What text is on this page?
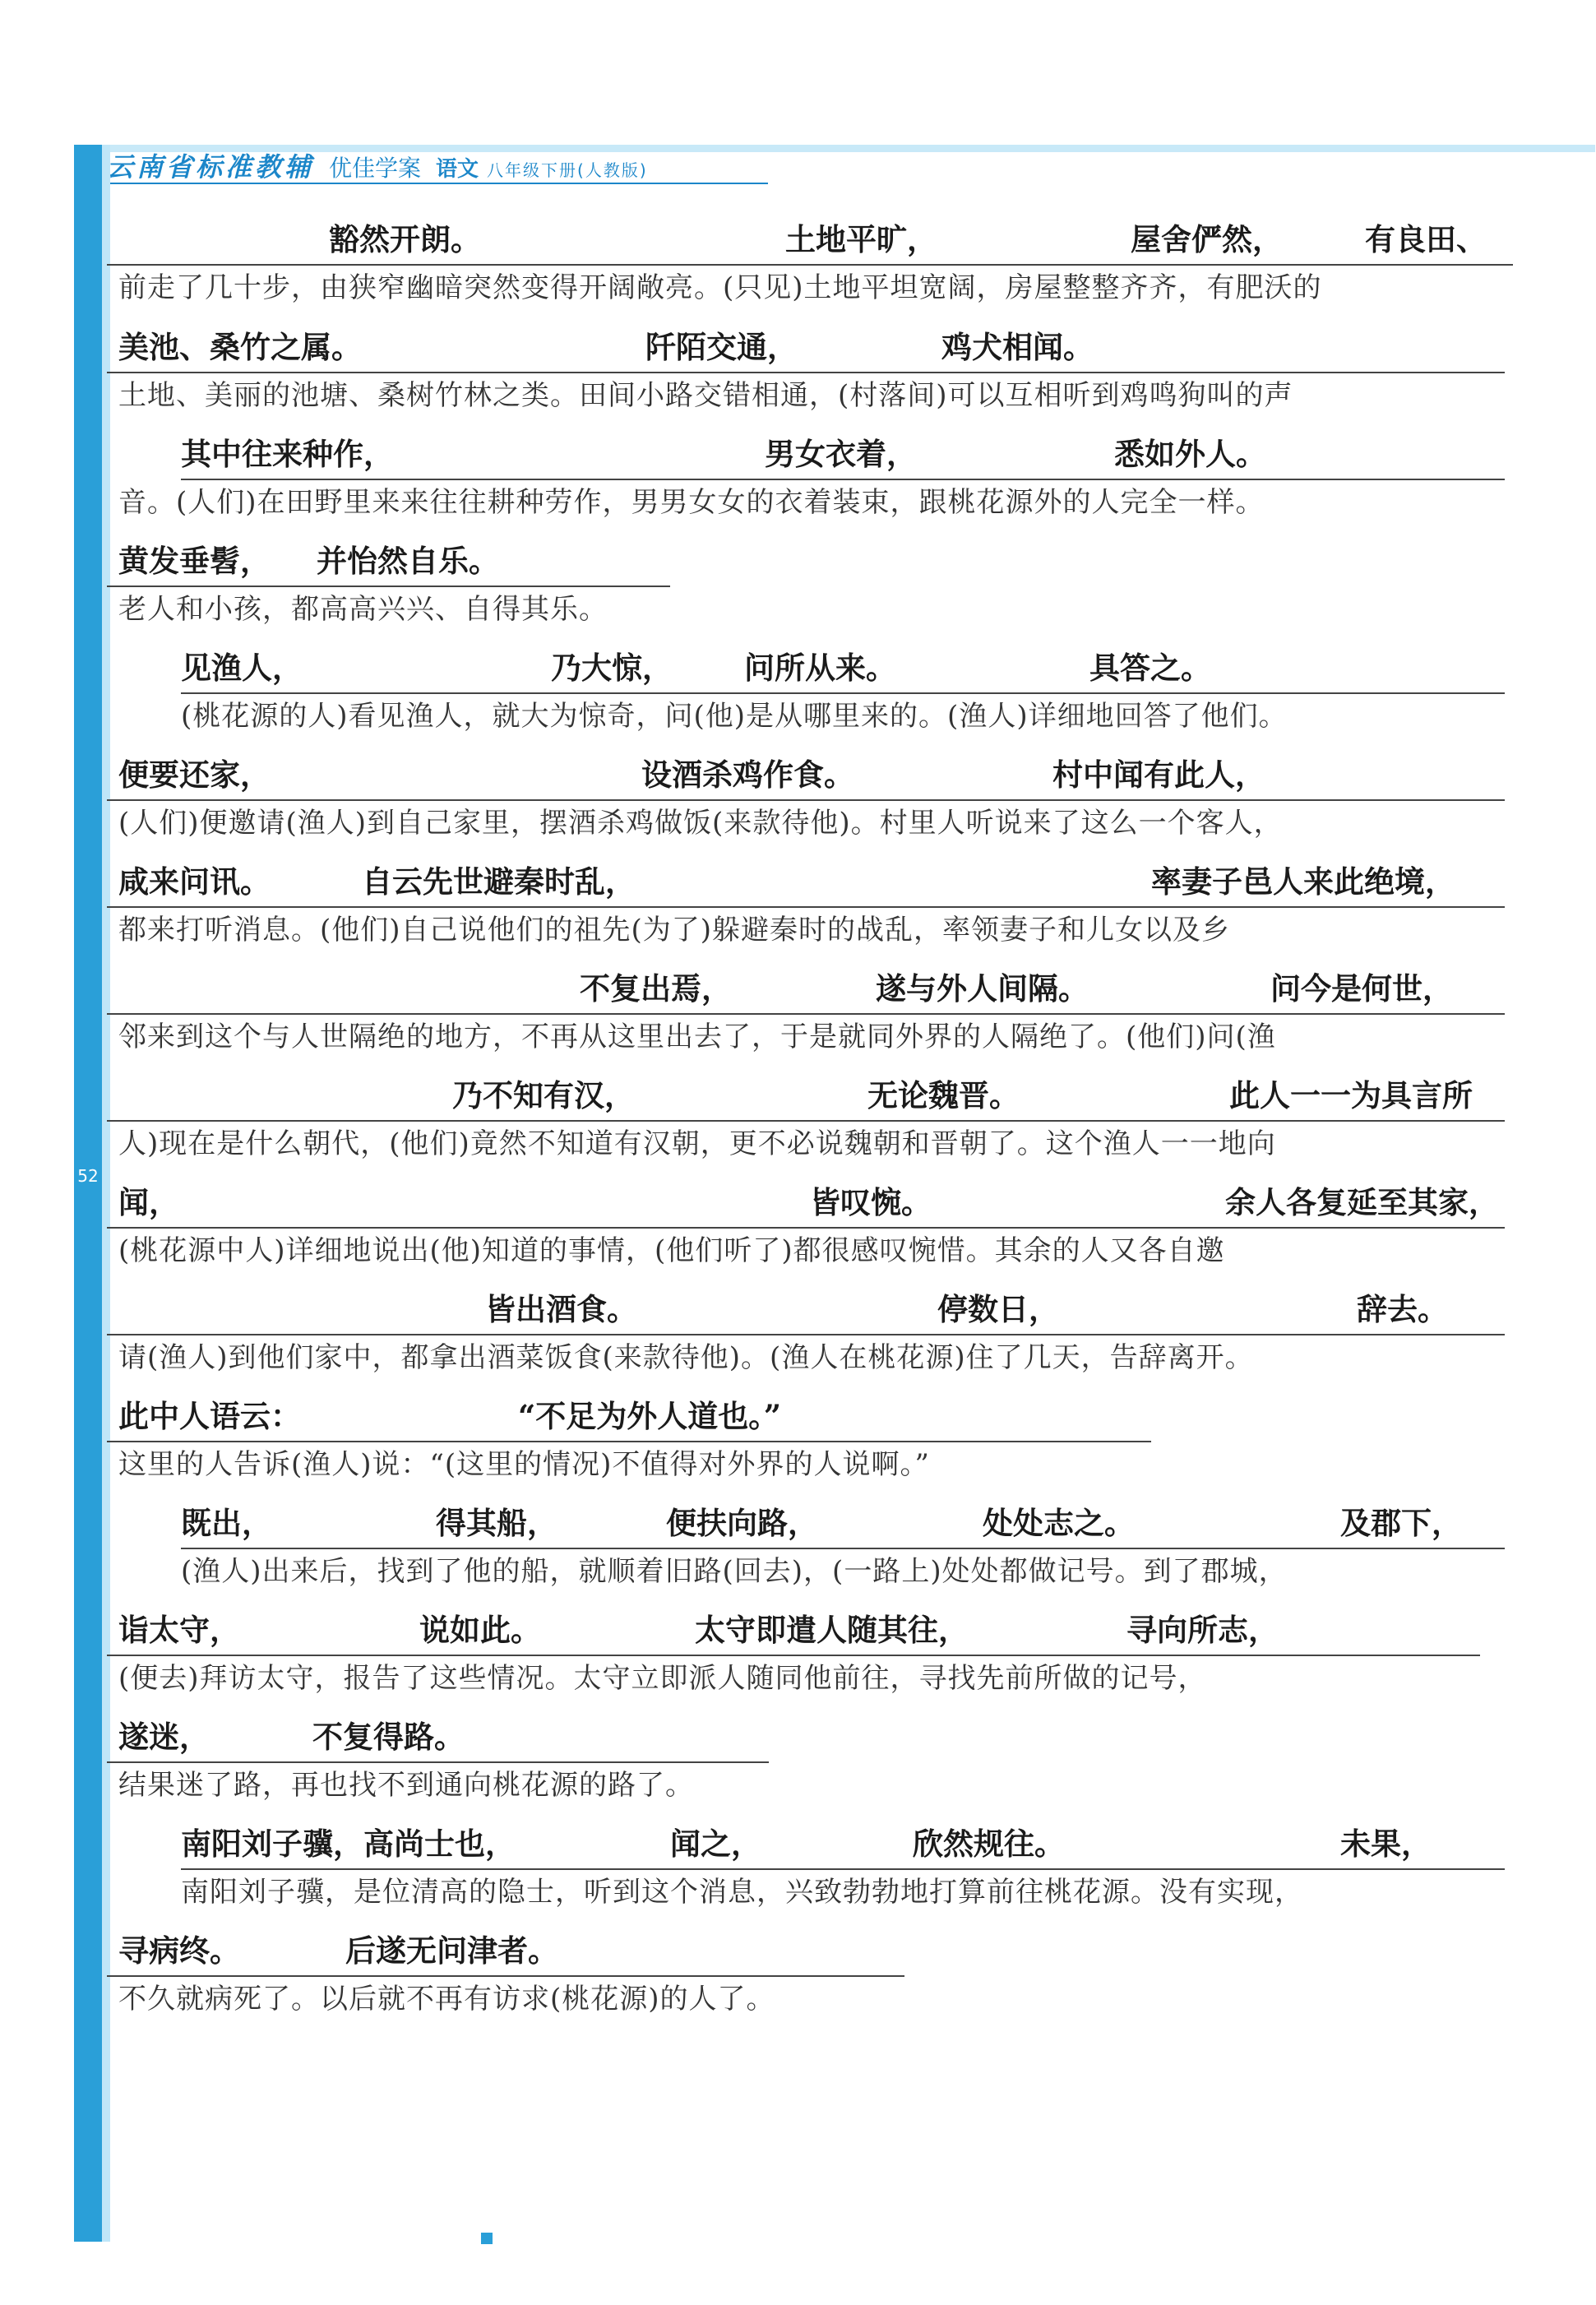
云南省标准教辅 优佳学案 语文 八年级下册(人教版)
52
豁然开朗。	土地平旷，	屋舍俨然，	有良田、
前走了几十步，由狭窄幽暗突然变得开阔敞亮。(只见)土地平坦宽阔，房屋整整齐齐，有肥沃的
美池、桑竹之属。	阡陌交通，	鸡犬相闻。
土地、美丽的池塘、桑树竹林之类。田间小路交错相通，(村落间)可以互相听到鸡鸣狗叫的声
其中往来种作，	男女衣着，	悉如外人。
音。(人们)在田野里来来往往耕种劳作，男男女女的衣着装束，跟桃花源外的人完全一样。
黄发垂髫， 并怡然自乐。
老人和小孩，都高高兴兴、自得其乐。
见渔人，	乃大惊， 问所从来。	具答之。
(桃花源的人)看见渔人，就大为惊奇，问(他)是从哪里来的。(渔人)详细地回答了他们。
便要还家，	设酒杀鸡作食。	村中闻有此人，
(人们)便邀请(渔人)到自己家里，摆酒杀鸡做饭(来款待他)。村里人听说来了这么一个客人，
咸来问讯。	自云先世避秦时乱，	率妻子邑人来此绝境，
都来打听消息。(他们)自己说他们的祖先(为了)躲避秦时的战乱，率领妻子和儿女以及乡
不复出焉，	遂与外人间隔。	问今是何世，
邻来到这个与人世隔绝的地方，不再从这里出去了，于是就同外界的人隔绝了。(他们)问(渔
乃不知有汉，	无论魏晋。	此人一一为具言所
人)现在是什么朝代，(他们)竟然不知道有汉朝，更不必说魏朝和晋朝了。这个渔人一一地向
闻，	皆叹惋。	余人各复延至其家，
(桃花源中人)详细地说出(他)知道的事情，(他们听了)都很感叹惋惜。其余的人又各自邀
皆出酒食。	停数日，	辞去。
请(渔人)到他们家中，都拿出酒菜饭食(来款待他)。(渔人在桃花源)住了几天，告辞离开。
此中人语云：	“不足为外人道也。”
这里的人告诉(渔人)说：“(这里的情况)不值得对外界的人说啊。”
既出，	得其船，	便扶向路，	处处志之。	及郡下，
(渔人)出来后，找到了他的船，就顺着旧路(回去)，(一路上)处处都做记号。到了郡城，
诣太守，	说如此。	太守即遣人随其往，	寻向所志，
(便去)拜访太守，报告了这些情况。太守立即派人随同他前往，寻找先前所做的记号，
遂迷，	不复得路。
结果迷了路，再也找不到通向桃花源的路了。
南阳刘子骥，高尚士也，	闻之，	欣然规往。	未果，
南阳刘子骥，是位清高的隐士，听到这个消息，兴致勃勃地打算前往桃花源。没有实现，
寻病终。	后遂无问津者。
不久就病死了。以后就不再有访求(桃花源)的人了。
